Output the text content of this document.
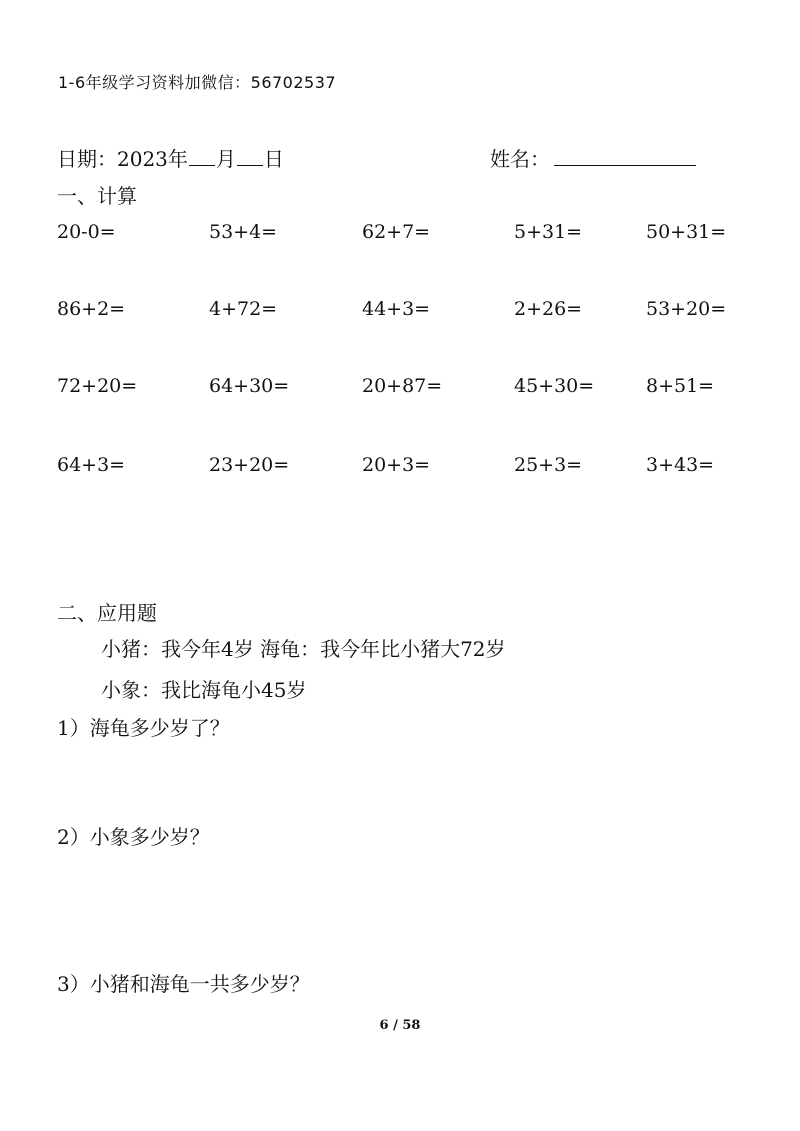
1-6年级学习资料加微信：56702537
日期：2023年 月 日	姓名：
一、计算
20-0=	53+4=	62+7=	5+31=	50+31=
86+2=	4+72=	44+3=	2+26=	53+20=
72+20=	64+30=	20+87=	45+30=	8+51=
64+3=	23+20=	20+3=	25+3=	3+43=
二、应用题
小猪：我今年4岁 海龟：我今年比小猪大72岁
小象：我比海龟小45岁
1）海龟多少岁了？
2）小象多少岁？
3）小猪和海龟一共多少岁？
6 / 58
